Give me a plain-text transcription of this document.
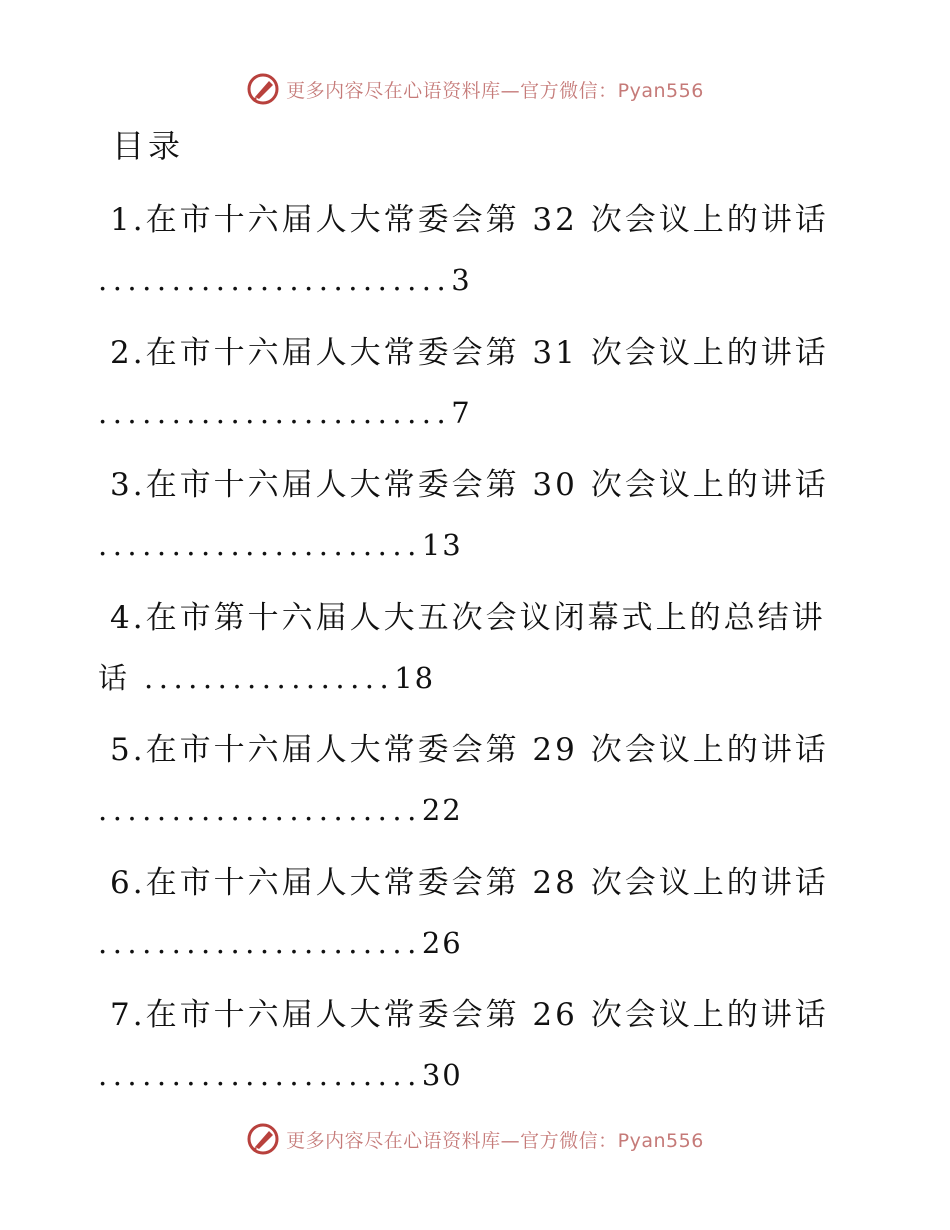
更多内容尽在心语资料库—官方微信：Pyan556
目录
1.在市十六届人大常委会第 32 次会议上的讲话
........................3
2.在市十六届人大常委会第 31 次会议上的讲话
........................7
3.在市十六届人大常委会第 30 次会议上的讲话
......................13
4.在市第十六届人大五次会议闭幕式上的总结讲
话 .................18
5.在市十六届人大常委会第 29 次会议上的讲话
......................22
6.在市十六届人大常委会第 28 次会议上的讲话
......................26
7.在市十六届人大常委会第 26 次会议上的讲话
......................30
更多内容尽在心语资料库—官方微信：Pyan556
